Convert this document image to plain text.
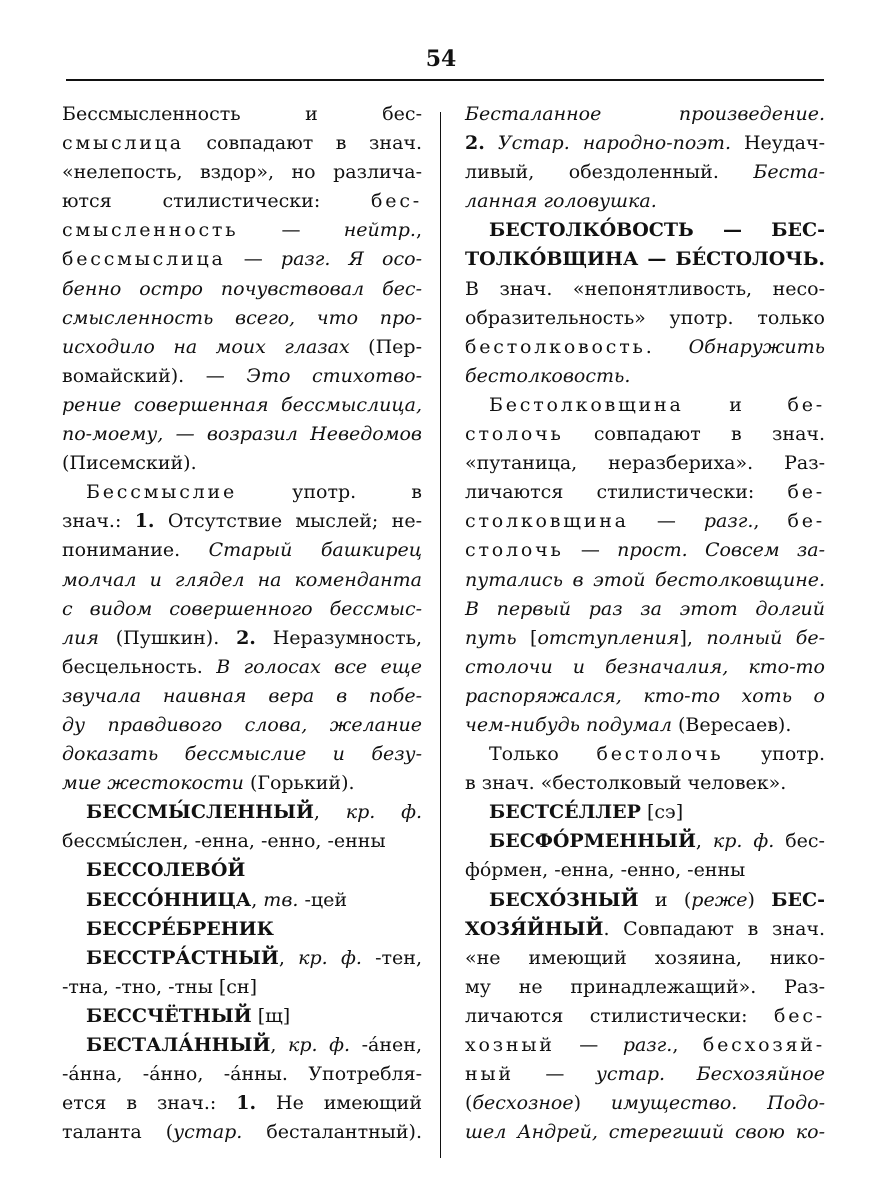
54
Бессмысленность и бес-
смыслица совпадают в знач.
«нелепость, вздор», но различа-
ются стилистически: бес-
смысленность — нейтр.,
бессмыслица — разг. Я осо-
бенно остро почувствовал бес-
смысленность всего, что про-
исходило на моих глазах (Пер-
вомайский). — Это стихотво-
рение совершенная бессмыслица,
по-моему, — возразил Неведомов
(Писемский).
Бессмыслие употр. в
знач.: 1. Отсутствие мыслей; не-
понимание. Старый башкирец
молчал и глядел на коменданта
с видом совершенного бессмыс-
лия (Пушкин). 2. Неразумность,
бесцельность. В голосах все еще
звучала наивная вера в побе-
ду правдивого слова, желание
доказать бессмыслие и безу-
мие жестокости (Горький).
БЕССМЫ́СЛЕННЫЙ, кр. ф.
бессмы́слен, -енна, -енно, -енны
БЕССОЛЕВО́Й
БЕССО́ННИЦА, тв. -цей
БЕССРЕ́БРЕНИК
БЕССТРА́СТНЫЙ, кр. ф. -тен,
-тна, -тно, -тны [сн]
БЕССЧЁТНЫЙ [щ]
БЕСТАЛА́ННЫЙ, кр. ф. -а́нен,
-а́нна, -а́нно, -а́нны. Употребля-
ется в знач.: 1. Не имеющий
таланта (устар. бесталантный).
Бесталанное произведение.
2. Устар. народно-поэт. Неудач-
ливый, обездоленный. Беста-
ланная головушка.
БЕСТОЛКО́ВОСТЬ — БЕС-
ТОЛКО́ВЩИНА — БЕ́СТОЛОЧЬ.
В знач. «непонятливость, несо-
образительность» употр. только
бестолковость. Обнаружить
бестолковость.
Бестолковщина и бе-
столочь совпадают в знач.
«путаница, неразбериха». Раз-
личаются стилистически: бе-
столковщина — разг., бе-
столочь — прост. Совсем за-
путались в этой бестолковщине.
В первый раз за этот долгий
путь [отступления], полный бе-
столочи и безначалия, кто-то
распоряжался, кто-то хоть о
чем-нибудь подумал (Вересаев).
Только бестолочь употр.
в знач. «бестолковый человек».
БЕСТСЕ́ЛЛЕР [сэ]
БЕСФО́РМЕННЫЙ, кр. ф. бес-
фо́рмен, -енна, -енно, -енны
БЕСХО́ЗНЫЙ и (реже) БЕС-
ХОЗЯ́ЙНЫЙ. Совпадают в знач.
«не имеющий хозяина, нико-
му не принадлежащий». Раз-
личаются стилистически: бес-
хозный — разг., бесхозяй-
ный — устар. Бесхозяйное
(бесхозное) имущество. Подо-
шел Андрей, стерегший свою ко-
